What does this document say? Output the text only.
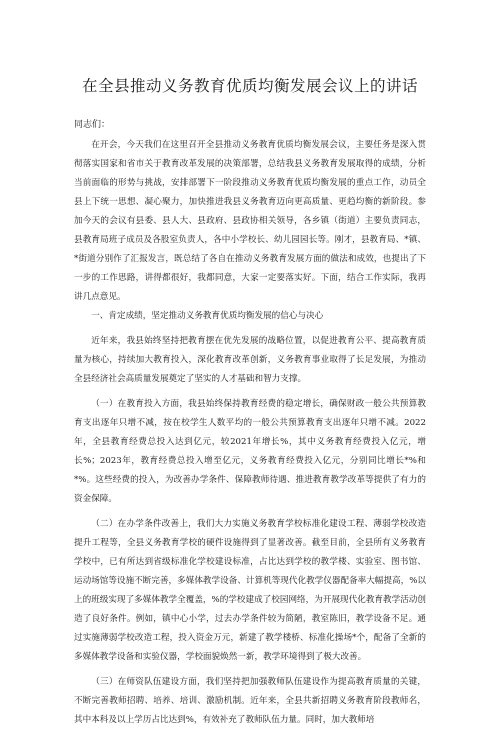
在全县推动义务教育优质均衡发展会议上的讲话

同志们：

在开会，今天我们在这里召开全县推动义务教育优质均衡发展会议，主要任务是深入贯彻落实国家和省市关于教育改革发展的决策部署，总结我县义务教育发展取得的成绩，分析当前面临的形势与挑战，安排部署下一阶段推动义务教育优质均衡发展的重点工作，动员全县上下统一思想、凝心聚力，加快推进我县义务教育迈向更高质量、更趋均衡的新阶段。参加今天的会议有县委、县人大、县政府、县政协相关领导，各乡镇（街道）主要负责同志，县教育局班子成员及各股室负责人，各中小学校长、幼儿园园长等。刚才，县教育局、*镇、*街道分别作了汇报发言，既总结了各自在推动义务教育发展方面的做法和成效，也提出了下一步的工作思路，讲得都很好，我都同意，大家一定要落实好。下面，结合工作实际，我再讲几点意见。

一、肯定成绩，坚定推动义务教育优质均衡发展的信心与决心

近年来，我县始终坚持把教育摆在优先发展的战略位置，以促进教育公平、提高教育质量为核心，持续加大教育投入，深化教育改革创新，义务教育事业取得了长足发展，为推动全县经济社会高质量发展奠定了坚实的人才基础和智力支撑。

（一）在教育投入方面，我县始终保持教育经费的稳定增长，确保财政一般公共预算教育支出逐年只增不减，按在校学生人数平均的一般公共预算教育支出逐年只增不减。2022年，全县教育经费总投入达到亿元，较2021年增长%，其中义务教育经费投入亿元，增长%；2023年，教育经费总投入增至亿元，义务教育经费投入亿元，分别同比增长*%和*%。这些经费的投入，为改善办学条件、保障教师待遇、推进教育教学改革等提供了有力的资金保障。

（二）在办学条件改善上，我们大力实施义务教育学校标准化建设工程、薄弱学校改造提升工程等，全县义务教育学校的硬件设施得到了显著改善。截至目前，全县所有义务教育学校中，已有所达到省级标准化学校建设标准，占比达到学校的教学楼、实验室、图书馆、运动场馆等设施不断完善，多媒体教学设备、计算机等现代化教学仪器配备率大幅提高，%以上的班级实现了多媒体教学全覆盖，%的学校建成了校园网络，为开展现代化教育教学活动创造了良好条件。例如，镇中心小学，过去办学条件较为简陋，教室陈旧，教学设备不足。通过实施薄弱学校改造工程，投入资金万元，新建了教学楼桥、标准化操场*个，配备了全新的多媒体教学设备和实验仪器，学校面貌焕然一新，教学环境得到了极大改善。

（三）在师资队伍建设方面，我们坚持把加强教师队伍建设作为提高教育质量的关键，不断完善教师招聘、培养、培训、激励机制。近年来，全县共新招聘义务教育阶段教师名，其中本科及以上学历占比达到%，有效补充了教师队伍力量。同时，加大教师培
